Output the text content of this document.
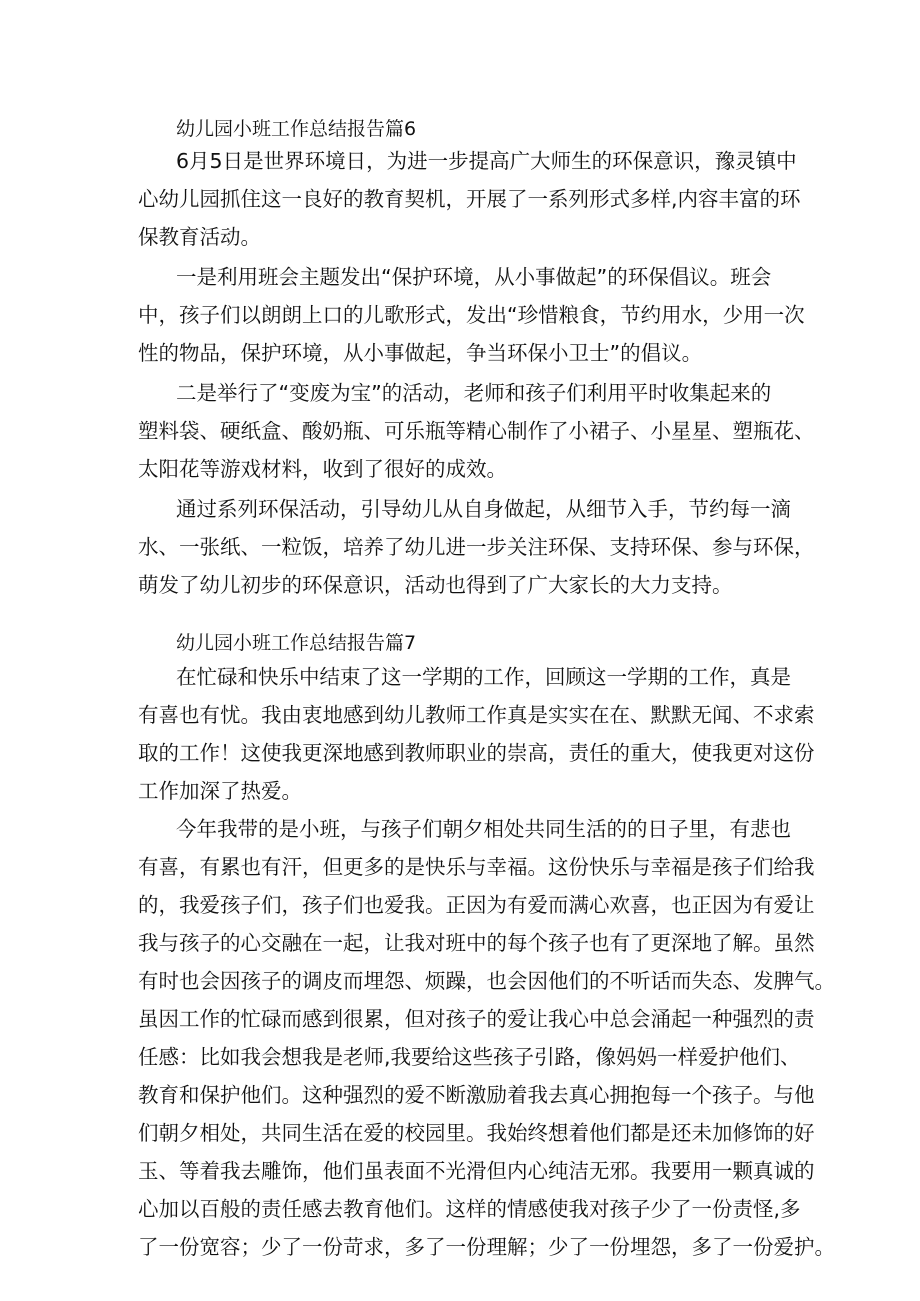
幼儿园小班工作总结报告篇6
6月5日是世界环境日，为进一步提高广大师生的环保意识，豫灵镇中
心幼儿园抓住这一良好的教育契机，开展了一系列形式多样,内容丰富的环
保教育活动。
一是利用班会主题发出“保护环境，从小事做起”的环保倡议。班会
中，孩子们以朗朗上口的儿歌形式，发出“珍惜粮食，节约用水，少用一次
性的物品，保护环境，从小事做起，争当环保小卫士”的倡议。
二是举行了“变废为宝”的活动，老师和孩子们利用平时收集起来的
塑料袋、硬纸盒、酸奶瓶、可乐瓶等精心制作了小裙子、小星星、塑瓶花、
太阳花等游戏材料，收到了很好的成效。
通过系列环保活动，引导幼儿从自身做起，从细节入手，节约每一滴
水、一张纸、一粒饭，培养了幼儿进一步关注环保、支持环保、参与环保，
萌发了幼儿初步的环保意识，活动也得到了广大家长的大力支持。
幼儿园小班工作总结报告篇7
在忙碌和快乐中结束了这一学期的工作，回顾这一学期的工作，真是
有喜也有忧。我由衷地感到幼儿教师工作真是实实在在、默默无闻、不求索
取的工作！这使我更深地感到教师职业的崇高，责任的重大，使我更对这份
工作加深了热爱。
今年我带的是小班，与孩子们朝夕相处共同生活的的日子里，有悲也
有喜，有累也有汗，但更多的是快乐与幸福。这份快乐与幸福是孩子们给我
的，我爱孩子们，孩子们也爱我。正因为有爱而满心欢喜，也正因为有爱让
我与孩子的心交融在一起，让我对班中的每个孩子也有了更深地了解。虽然
有时也会因孩子的调皮而埋怨、烦躁，也会因他们的不听话而失态、发脾气。
虽因工作的忙碌而感到很累，但对孩子的爱让我心中总会涌起一种强烈的责
任感：比如我会想我是老师,我要给这些孩子引路，像妈妈一样爱护他们、
教育和保护他们。这种强烈的爱不断激励着我去真心拥抱每一个孩子。与他
们朝夕相处，共同生活在爱的校园里。我始终想着他们都是还未加修饰的好
玉、等着我去雕饰，他们虽表面不光滑但内心纯洁无邪。我要用一颗真诚的
心加以百般的责任感去教育他们。这样的情感使我对孩子少了一份责怪,多
了一份宽容；少了一份苛求，多了一份理解；少了一份埋怨，多了一份爱护。
